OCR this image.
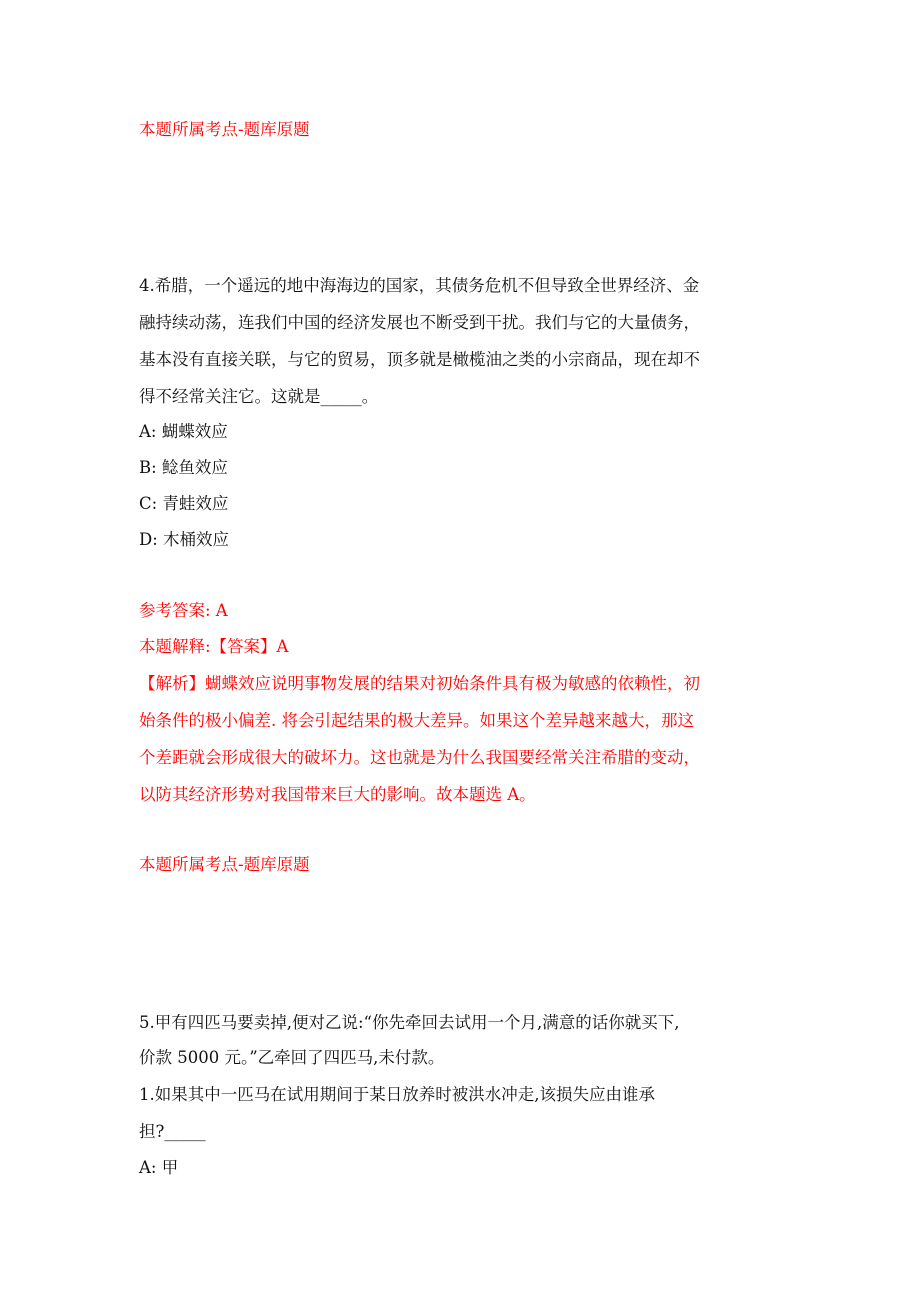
本题所属考点-题库原题

4.希腊，一个遥远的地中海海边的国家，其债务危机不但导致全世界经济、金

融持续动荡，连我们中国的经济发展也不断受到干扰。我们与它的大量债务，

基本没有直接关联，与它的贸易，顶多就是橄榄油之类的小宗商品，现在却不

得不经常关注它。这就是_____。

A: 蝴蝶效应

B: 鲶鱼效应

C: 青蛙效应

D: 木桶效应

参考答案: A

本题解释:【答案】A

【解析】蝴蝶效应说明事物发展的结果对初始条件具有极为敏感的依赖性，初

始条件的极小偏差. 将会引起结果的极大差异。如果这个差异越来越大，那这

个差距就会形成很大的破坏力。这也就是为什么我国要经常关注希腊的变动，

以防其经济形势对我国带来巨大的影响。故本题选 A。

本题所属考点-题库原题

5.甲有四匹马要卖掉,便对乙说:“你先牵回去试用一个月,满意的话你就买下,

价款 5000 元。”乙牵回了四匹马,未付款。

1.如果其中一匹马在试用期间于某日放养时被洪水冲走,该损失应由谁承

担?_____

A: 甲
